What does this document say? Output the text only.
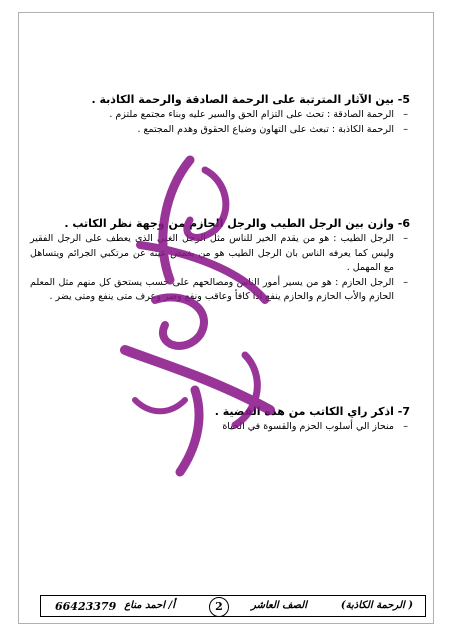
5- بين الآثار المترتبة على الرحمة الصادقة والرحمة الكاذبة .

–
الرحمة الصادقة : تحث على التزام الحق والسير عليه وبناء مجتمع ملتزم .

–
الرحمة الكاذبة : تبعث على التهاون وضياع الحقوق وهدم المجتمع .

6- وازن بين الرجل الطيب والرجل الحازم من وجهة نظر الكاتب .

–
الرجل الطيب : هو من يقدم الخير للناس مثل الرجل الغني الذي يعطف على الرجل الفقير وليس كما يعرفه الناس بان الرجل الطيب هو من يغمض عينه عن مرتكبي الجرائم ويتساهل مع المهمل .

–
الرجل الحازم : هو من يسير أمور الناس ومصالحهم على حسب يستحق كل منهم مثل المعلم الحازم والأب الحازم والحازم ينفع اذا كافأ وعاقب ونفع وضر وعرف متى ينفع ومتى يضر .

7- اذكر راي الكاتب من هذه القضية .

–
منحاز الي أسلوب الحزم والقسوة في الحياة

( الرحمة الكاذبة)
الصف العاشر
2
أ/ احمد مناع
66423379
